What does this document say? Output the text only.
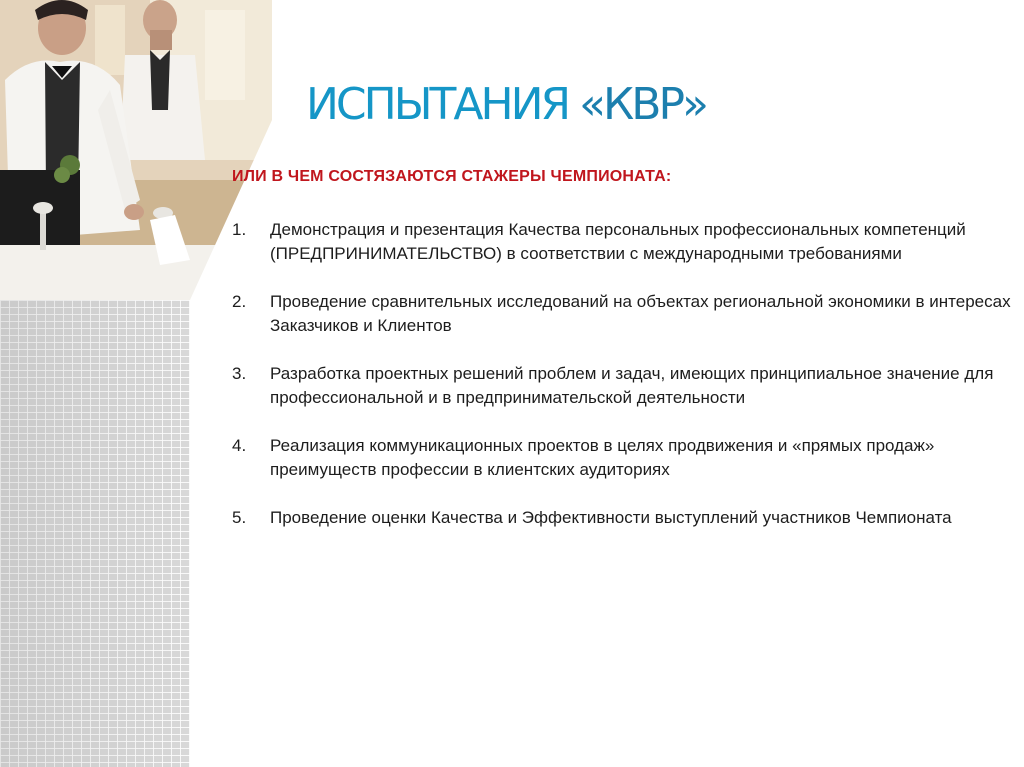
ИСПЫТАНИЯ «КВР»
ИЛИ В ЧЕМ СОСТЯЗАЮТСЯ СТАЖЕРЫ ЧЕМПИОНАТА:
1. Демонстрация и презентация Качества персональных профессиональных компетенций (ПРЕДПРИНИМАТЕЛЬСТВО) в соответствии с международными требованиями
2. Проведение сравнительных исследований на объектах региональной экономики в интересах Заказчиков и Клиентов
3. Разработка проектных решений проблем и задач, имеющих принципиальное значение для профессиональной и в предпринимательской деятельности
4. Реализация коммуникационных проектов в целях продвижения и «прямых продаж» преимуществ профессии в клиентских аудиториях
5. Проведение оценки Качества и Эффективности выступлений участников Чемпионата
